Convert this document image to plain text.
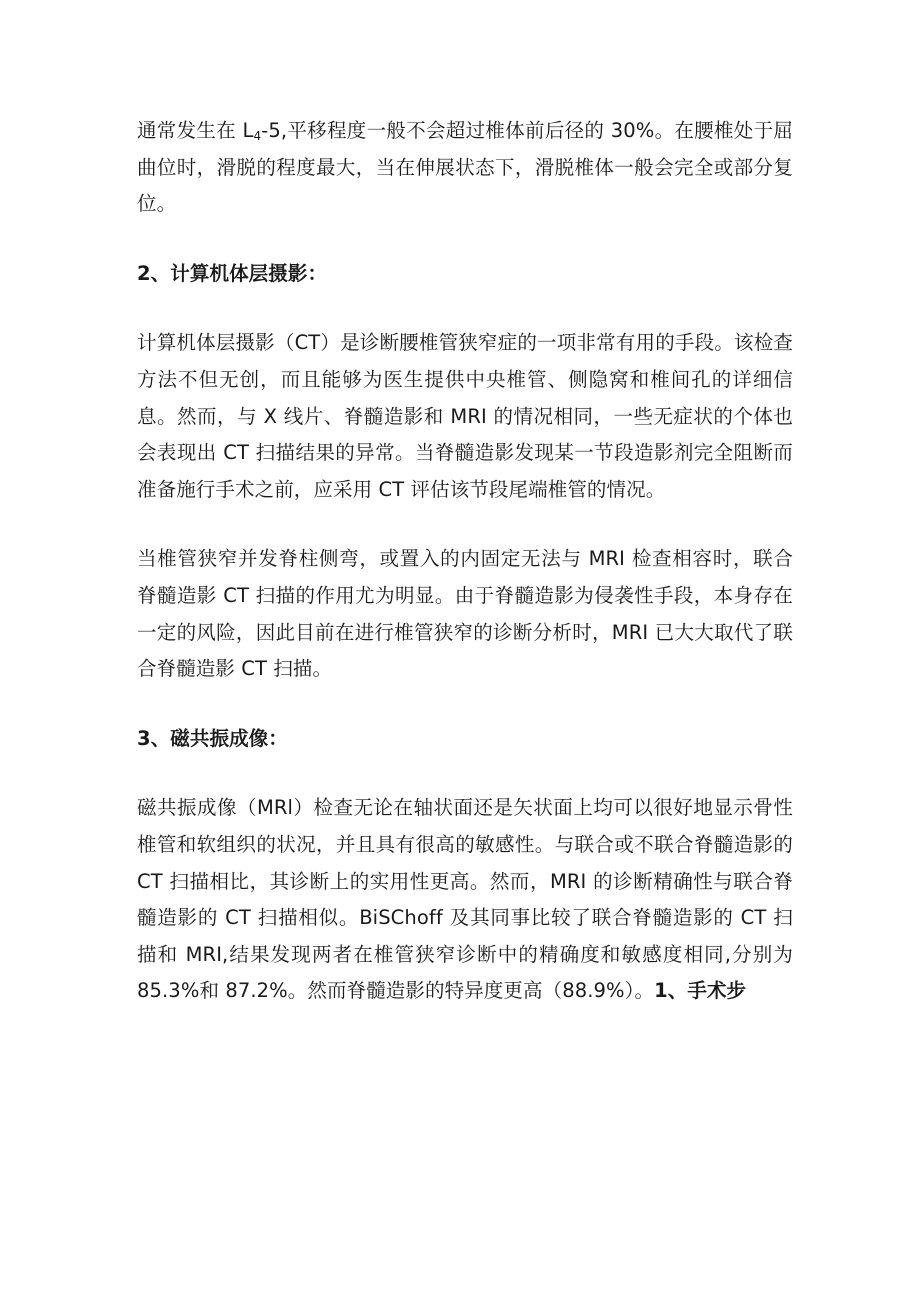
通常发生在 $L_4-5$,平移程度一般不会超过椎体前后径的 30%。在腰椎处于屈曲位时，滑脱的程度最大，当在伸展状态下，滑脱椎体一般会完全或部分复位。

2、计算机体层摄影：

计算机体层摄影（CT）是诊断腰椎管狭窄症的一项非常有用的手段。该检查方法不但无创，而且能够为医生提供中央椎管、侧隐窝和椎间孔的详细信息。然而，与 X 线片、脊髓造影和 MRI 的情况相同，一些无症状的个体也会表现出 CT 扫描结果的异常。当脊髓造影发现某一节段造影剂完全阻断而准备施行手术之前，应采用 CT 评估该节段尾端椎管的情况。

当椎管狭窄并发脊柱侧弯，或置入的内固定无法与 MRI 检查相容时，联合脊髓造影 CT 扫描的作用尤为明显。由于脊髓造影为侵袭性手段，本身存在一定的风险，因此目前在进行椎管狭窄的诊断分析时，MRI 已大大取代了联合脊髓造影 CT 扫描。

3、磁共振成像：

磁共振成像（MRl）检查无论在轴状面还是矢状面上均可以很好地显示骨性椎管和软组织的状况，并且具有很高的敏感性。与联合或不联合脊髓造影的 CT 扫描相比，其诊断上的实用性更高。然而，MRI 的诊断精确性与联合脊髓造影的 CT 扫描相似。BiSChoff 及其同事比较了联合脊髓造影的 CT 扫描和 MRI,结果发现两者在椎管狭窄诊断中的精确度和敏感度相同,分别为 85.3%和 87.2%。然而脊髓造影的特异度更高（88.9%）。1、手术步
